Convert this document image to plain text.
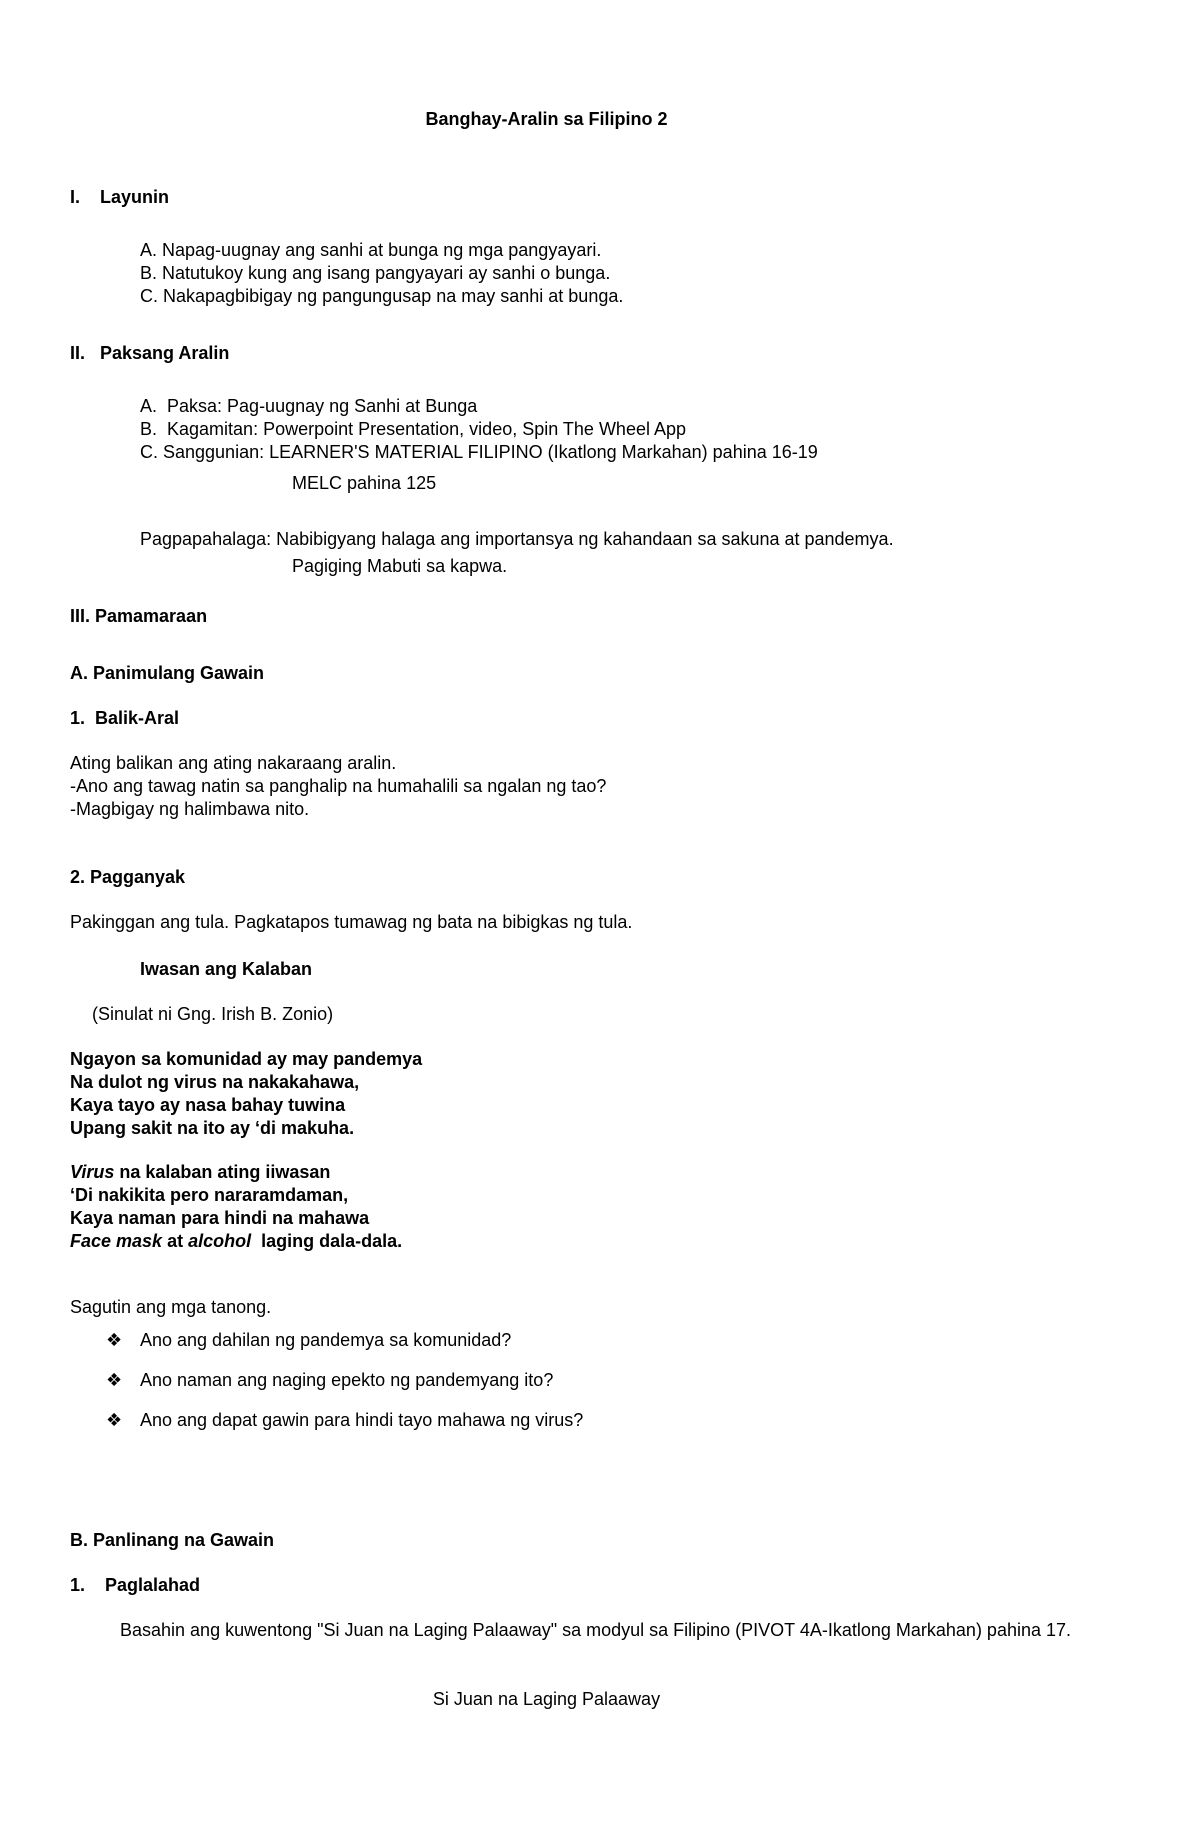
Banghay-Aralin sa Filipino 2
I.    Layunin
A. Napag-uugnay ang sanhi at bunga ng mga pangyayari.
B. Natutukoy kung ang isang pangyayari ay sanhi o bunga.
C. Nakapagbibigay ng pangungusap na may sanhi at bunga.
II.   Paksang Aralin
A.  Paksa: Pag-uugnay ng Sanhi at Bunga
B.  Kagamitan: Powerpoint Presentation, video, Spin The Wheel App
C. Sanggunian: LEARNER'S MATERIAL FILIPINO (Ikatlong Markahan) pahina 16-19
MELC pahina 125
Pagpapahalaga: Nabibigyang halaga ang importansya ng kahandaan sa sakuna at pandemya.
Pagiging Mabuti sa kapwa.
III. Pamamaraan
A. Panimulang Gawain
1.  Balik-Aral
Ating balikan ang ating nakaraang aralin.
-Ano ang tawag natin sa panghalip na humahalili sa ngalan ng tao?
-Magbigay ng halimbawa nito.
2. Pagganyak
Pakinggan ang tula. Pagkatapos tumawag ng bata na bibigkas ng tula.
Iwasan ang Kalaban
(Sinulat ni Gng. Irish B. Zonio)
Ngayon sa komunidad ay may pandemya
Na dulot ng virus na nakakahawa,
Kaya tayo ay nasa bahay tuwina
Upang sakit na ito ay ‘di makuha.
Virus na kalaban ating iiwasan
‘Di nakikita pero nararamdaman,
Kaya naman para hindi na mahawa
Face mask at alcohol  laging dala-dala.
Sagutin ang mga tanong.
❖ Ano ang dahilan ng pandemya sa komunidad?
❖ Ano naman ang naging epekto ng pandemyang ito?
❖ Ano ang dapat gawin para hindi tayo mahawa ng virus?
B. Panlinang na Gawain
1.    Paglalahad
Basahin ang kuwentong "Si Juan na Laging Palaaway" sa modyul sa Filipino (PIVOT 4A-Ikatlong Markahan) pahina 17.
Si Juan na Laging Palaaway
